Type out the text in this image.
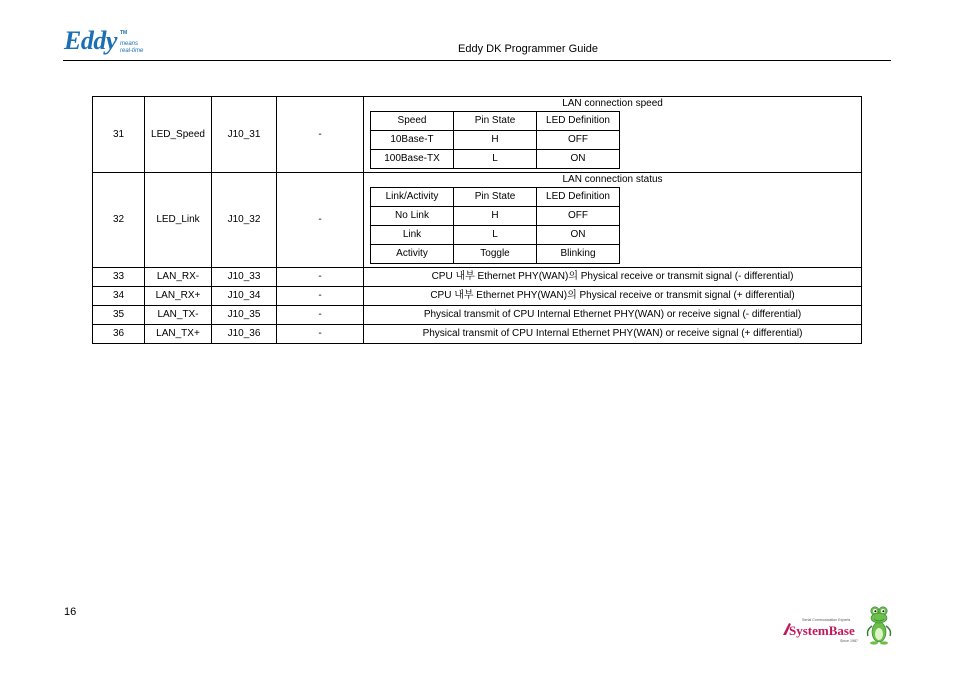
Eddy TM
means
real-time	Eddy DK Programmer Guide
31	LED_Speed	J10_31	-	
LAN connection speed
Speed	Pin State	LED Definition
10Base-T	H	OFF
100Base-TX	L	ON

32	LED_Link	J10_32	-	
LAN connection status
Link/Activity	Pin State	LED Definition
No Link	H	OFF
Link	L	ON
Activity	Toggle	Blinking

33	LAN_RX-	J10_33	-	CPU 내부 Ethernet PHY(WAN)의 Physical receive or transmit signal (- differential)
34	LAN_RX+	J10_34	-	CPU 내부 Ethernet PHY(WAN)의 Physical receive or transmit signal (+ differential)
35	LAN_TX-	J10_35	-	Physical transmit of CPU Internal Ethernet PHY(WAN) or receive signal (- differential)
36	LAN_TX+	J10_36	-	Physical transmit of CPU Internal Ethernet PHY(WAN) or receive signal (+ differential)
16
Serial Communication Experts
SystemBase
Since 1987
